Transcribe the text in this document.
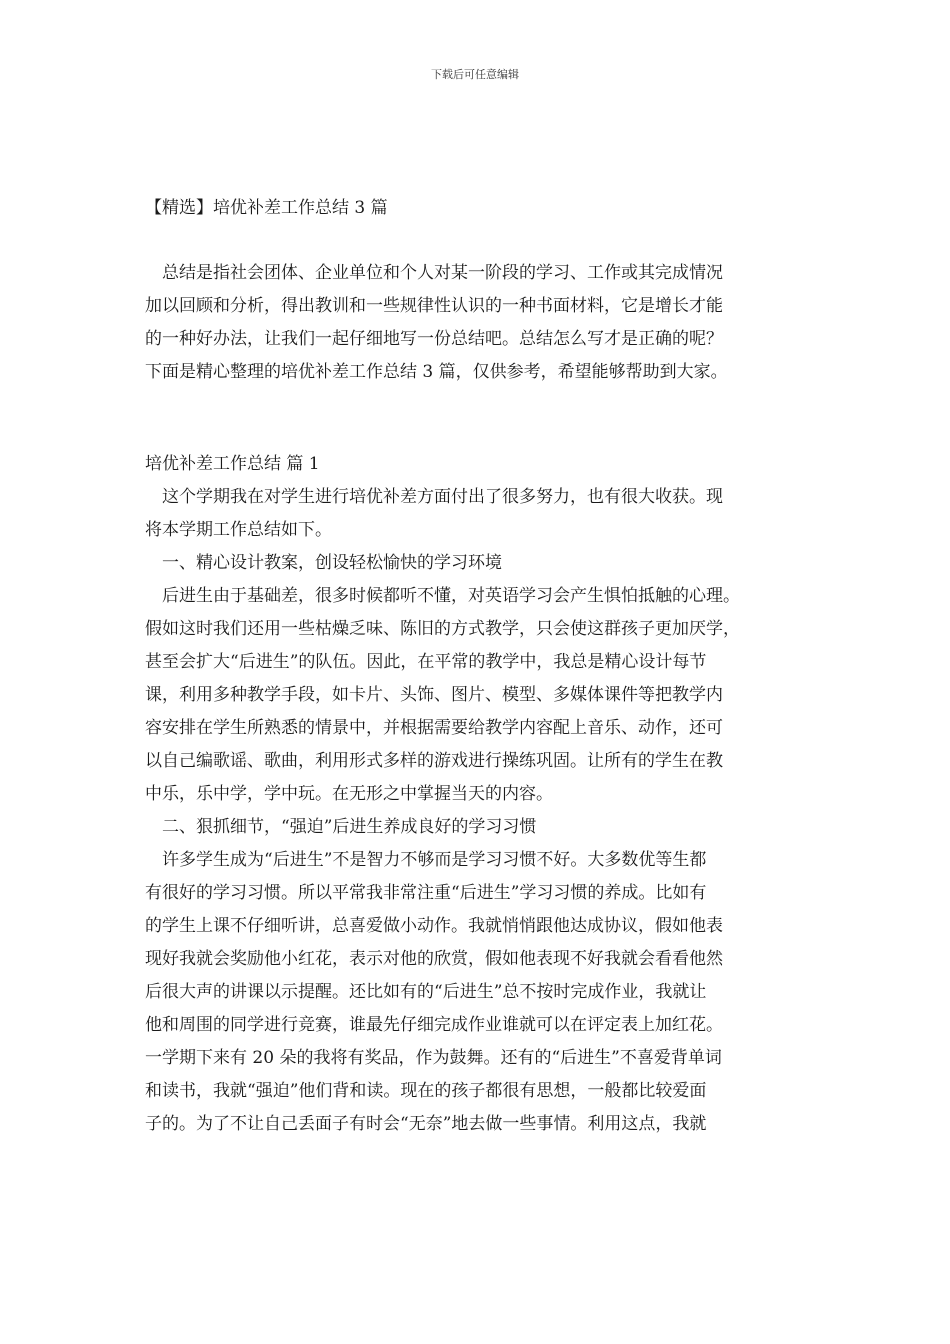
下载后可任意编辑
【精选】培优补差工作总结 3 篇

总结是指社会团体、企业单位和个人对某一阶段的学习、工作或其完成情况

加以回顾和分析，得出教训和一些规律性认识的一种书面材料，它是增长才能

的一种好办法，让我们一起仔细地写一份总结吧。总结怎么写才是正确的呢？

下面是精心整理的培优补差工作总结 3 篇，仅供参考，希望能够帮助到大家。

培优补差工作总结 篇 1

这个学期我在对学生进行培优补差方面付出了很多努力，也有很大收获。现

将本学期工作总结如下。

一、精心设计教案，创设轻松愉快的学习环境

后进生由于基础差，很多时候都听不懂，对英语学习会产生惧怕抵触的心理。

假如这时我们还用一些枯燥乏味、陈旧的方式教学，只会使这群孩子更加厌学，

甚至会扩大“后进生”的队伍。因此，在平常的教学中，我总是精心设计每节

课，利用多种教学手段，如卡片、头饰、图片、模型、多媒体课件等把教学内

容安排在学生所熟悉的情景中，并根据需要给教学内容配上音乐、动作，还可

以自己编歌谣、歌曲，利用形式多样的游戏进行操练巩固。让所有的学生在教

中乐，乐中学，学中玩。在无形之中掌握当天的内容。

二、狠抓细节，“强迫”后进生养成良好的学习习惯

许多学生成为“后进生”不是智力不够而是学习习惯不好。大多数优等生都

有很好的学习习惯。所以平常我非常注重“后进生”学习习惯的养成。比如有

的学生上课不仔细听讲，总喜爱做小动作。我就悄悄跟他达成协议，假如他表

现好我就会奖励他小红花，表示对他的欣赏，假如他表现不好我就会看看他然

后很大声的讲课以示提醒。还比如有的“后进生”总不按时完成作业，我就让

他和周围的同学进行竞赛，谁最先仔细完成作业谁就可以在评定表上加红花。

一学期下来有 20 朵的我将有奖品，作为鼓舞。还有的“后进生”不喜爱背单词

和读书，我就“强迫”他们背和读。现在的孩子都很有思想，一般都比较爱面

子的。为了不让自己丢面子有时会“无奈”地去做一些事情。利用这点，我就
